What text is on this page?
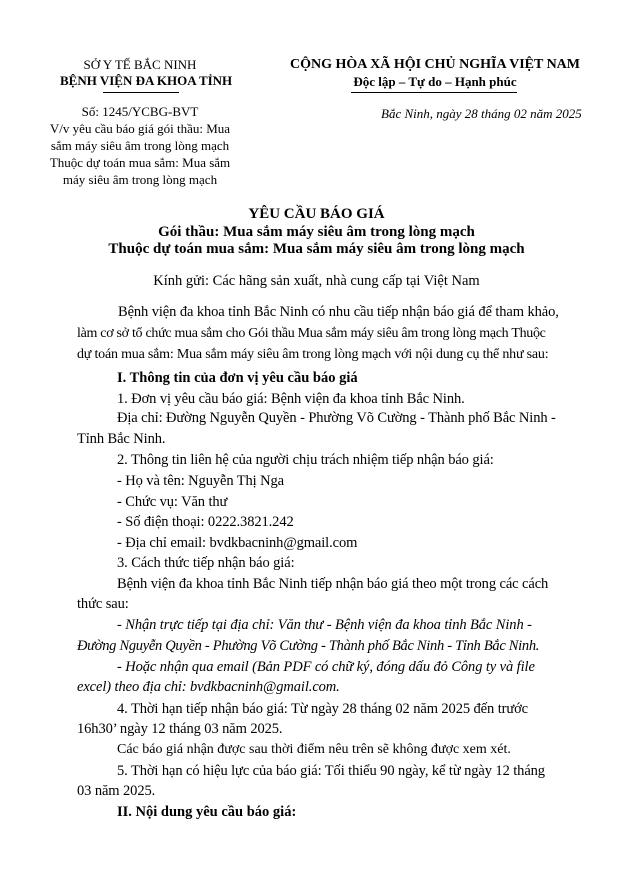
SỞ Y TẾ BẮC NINH
BỆNH VIỆN ĐA KHOA TỈNH
Số: 1245/YCBG-BVT
V/v yêu cầu báo giá gói thầu: Mua
sắm máy siêu âm trong lòng mạch
Thuộc dự toán mua sắm: Mua sắm
máy siêu âm trong lòng mạch
CỘNG HÒA XÃ HỘI CHỦ NGHĨA VIỆT NAM
Độc lập – Tự do – Hạnh phúc
Bắc Ninh, ngày 28 tháng 02 năm 2025
YÊU CẦU BÁO GIÁ
Gói thầu: Mua sắm máy siêu âm trong lòng mạch
Thuộc dự toán mua sắm: Mua sắm máy siêu âm trong lòng mạch
Kính gửi: Các hãng sản xuất, nhà cung cấp tại Việt Nam
Bệnh viện đa khoa tỉnh Bắc Ninh có nhu cầu tiếp nhận báo giá để tham khảo,
làm cơ sở tổ chức mua sắm cho Gói thầu Mua sắm máy siêu âm trong lòng mạch Thuộc
dự toán mua sắm: Mua sắm máy siêu âm trong lòng mạch với nội dung cụ thể như sau:
I. Thông tin của đơn vị yêu cầu báo giá
1. Đơn vị yêu cầu báo giá: Bệnh viện đa khoa tỉnh Bắc Ninh.
Địa chỉ: Đường Nguyễn Quyền - Phường Võ Cường - Thành phố Bắc Ninh -
Tỉnh Bắc Ninh.
2. Thông tin liên hệ của người chịu trách nhiệm tiếp nhận báo giá:
- Họ và tên: Nguyễn Thị Nga
- Chức vụ: Văn thư
- Số điện thoại: 0222.3821.242
- Địa chỉ email: bvdkbacninh@gmail.com
3. Cách thức tiếp nhận báo giá:
Bệnh viện đa khoa tỉnh Bắc Ninh tiếp nhận báo giá theo một trong các cách
thức sau:
- Nhận trực tiếp tại địa chỉ: Văn thư - Bệnh viện đa khoa tỉnh Bắc Ninh -
Đường Nguyễn Quyền - Phường Võ Cường - Thành phố Bắc Ninh - Tỉnh Bắc Ninh.
- Hoặc nhận qua email (Bản PDF có chữ ký, đóng dấu đỏ Công ty và file
excel) theo địa chỉ: bvdkbacninh@gmail.com.
4. Thời hạn tiếp nhận báo giá: Từ ngày 28 tháng 02 năm 2025 đến trước
16h30’ ngày 12 tháng 03 năm 2025.
Các báo giá nhận được sau thời điểm nêu trên sẽ không được xem xét.
5. Thời hạn có hiệu lực của báo giá: Tối thiểu 90 ngày, kể từ ngày 12 tháng
03 năm 2025.
II. Nội dung yêu cầu báo giá:
